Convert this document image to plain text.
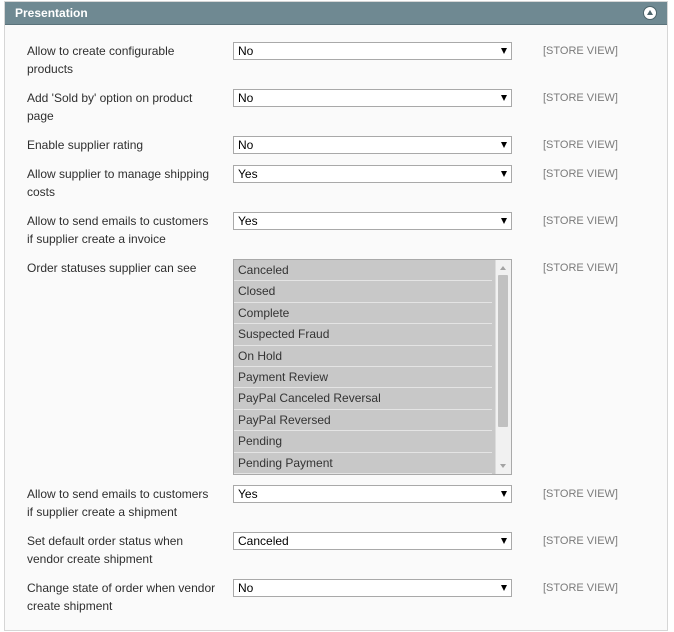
Presentation
Allow to create configurable products
No	[STORE VIEW]
Add 'Sold by' option on product page
No	[STORE VIEW]
Enable supplier rating	No	[STORE VIEW]
Allow supplier to manage shipping costs
Yes	[STORE VIEW]
Allow to send emails to customers if supplier create a invoice
Yes	[STORE VIEW]
Order statuses supplier can see	Canceled
Closed
Complete
Suspected Fraud
On Hold
Payment Review
PayPal Canceled Reversal
PayPal Reversed
Pending
Pending Payment
[STORE VIEW]
Allow to send emails to customers if supplier create a shipment
Yes	[STORE VIEW]
Set default order status when vendor create shipment
Canceled	[STORE VIEW]
Change state of order when vendor create shipment
No	[STORE VIEW]
